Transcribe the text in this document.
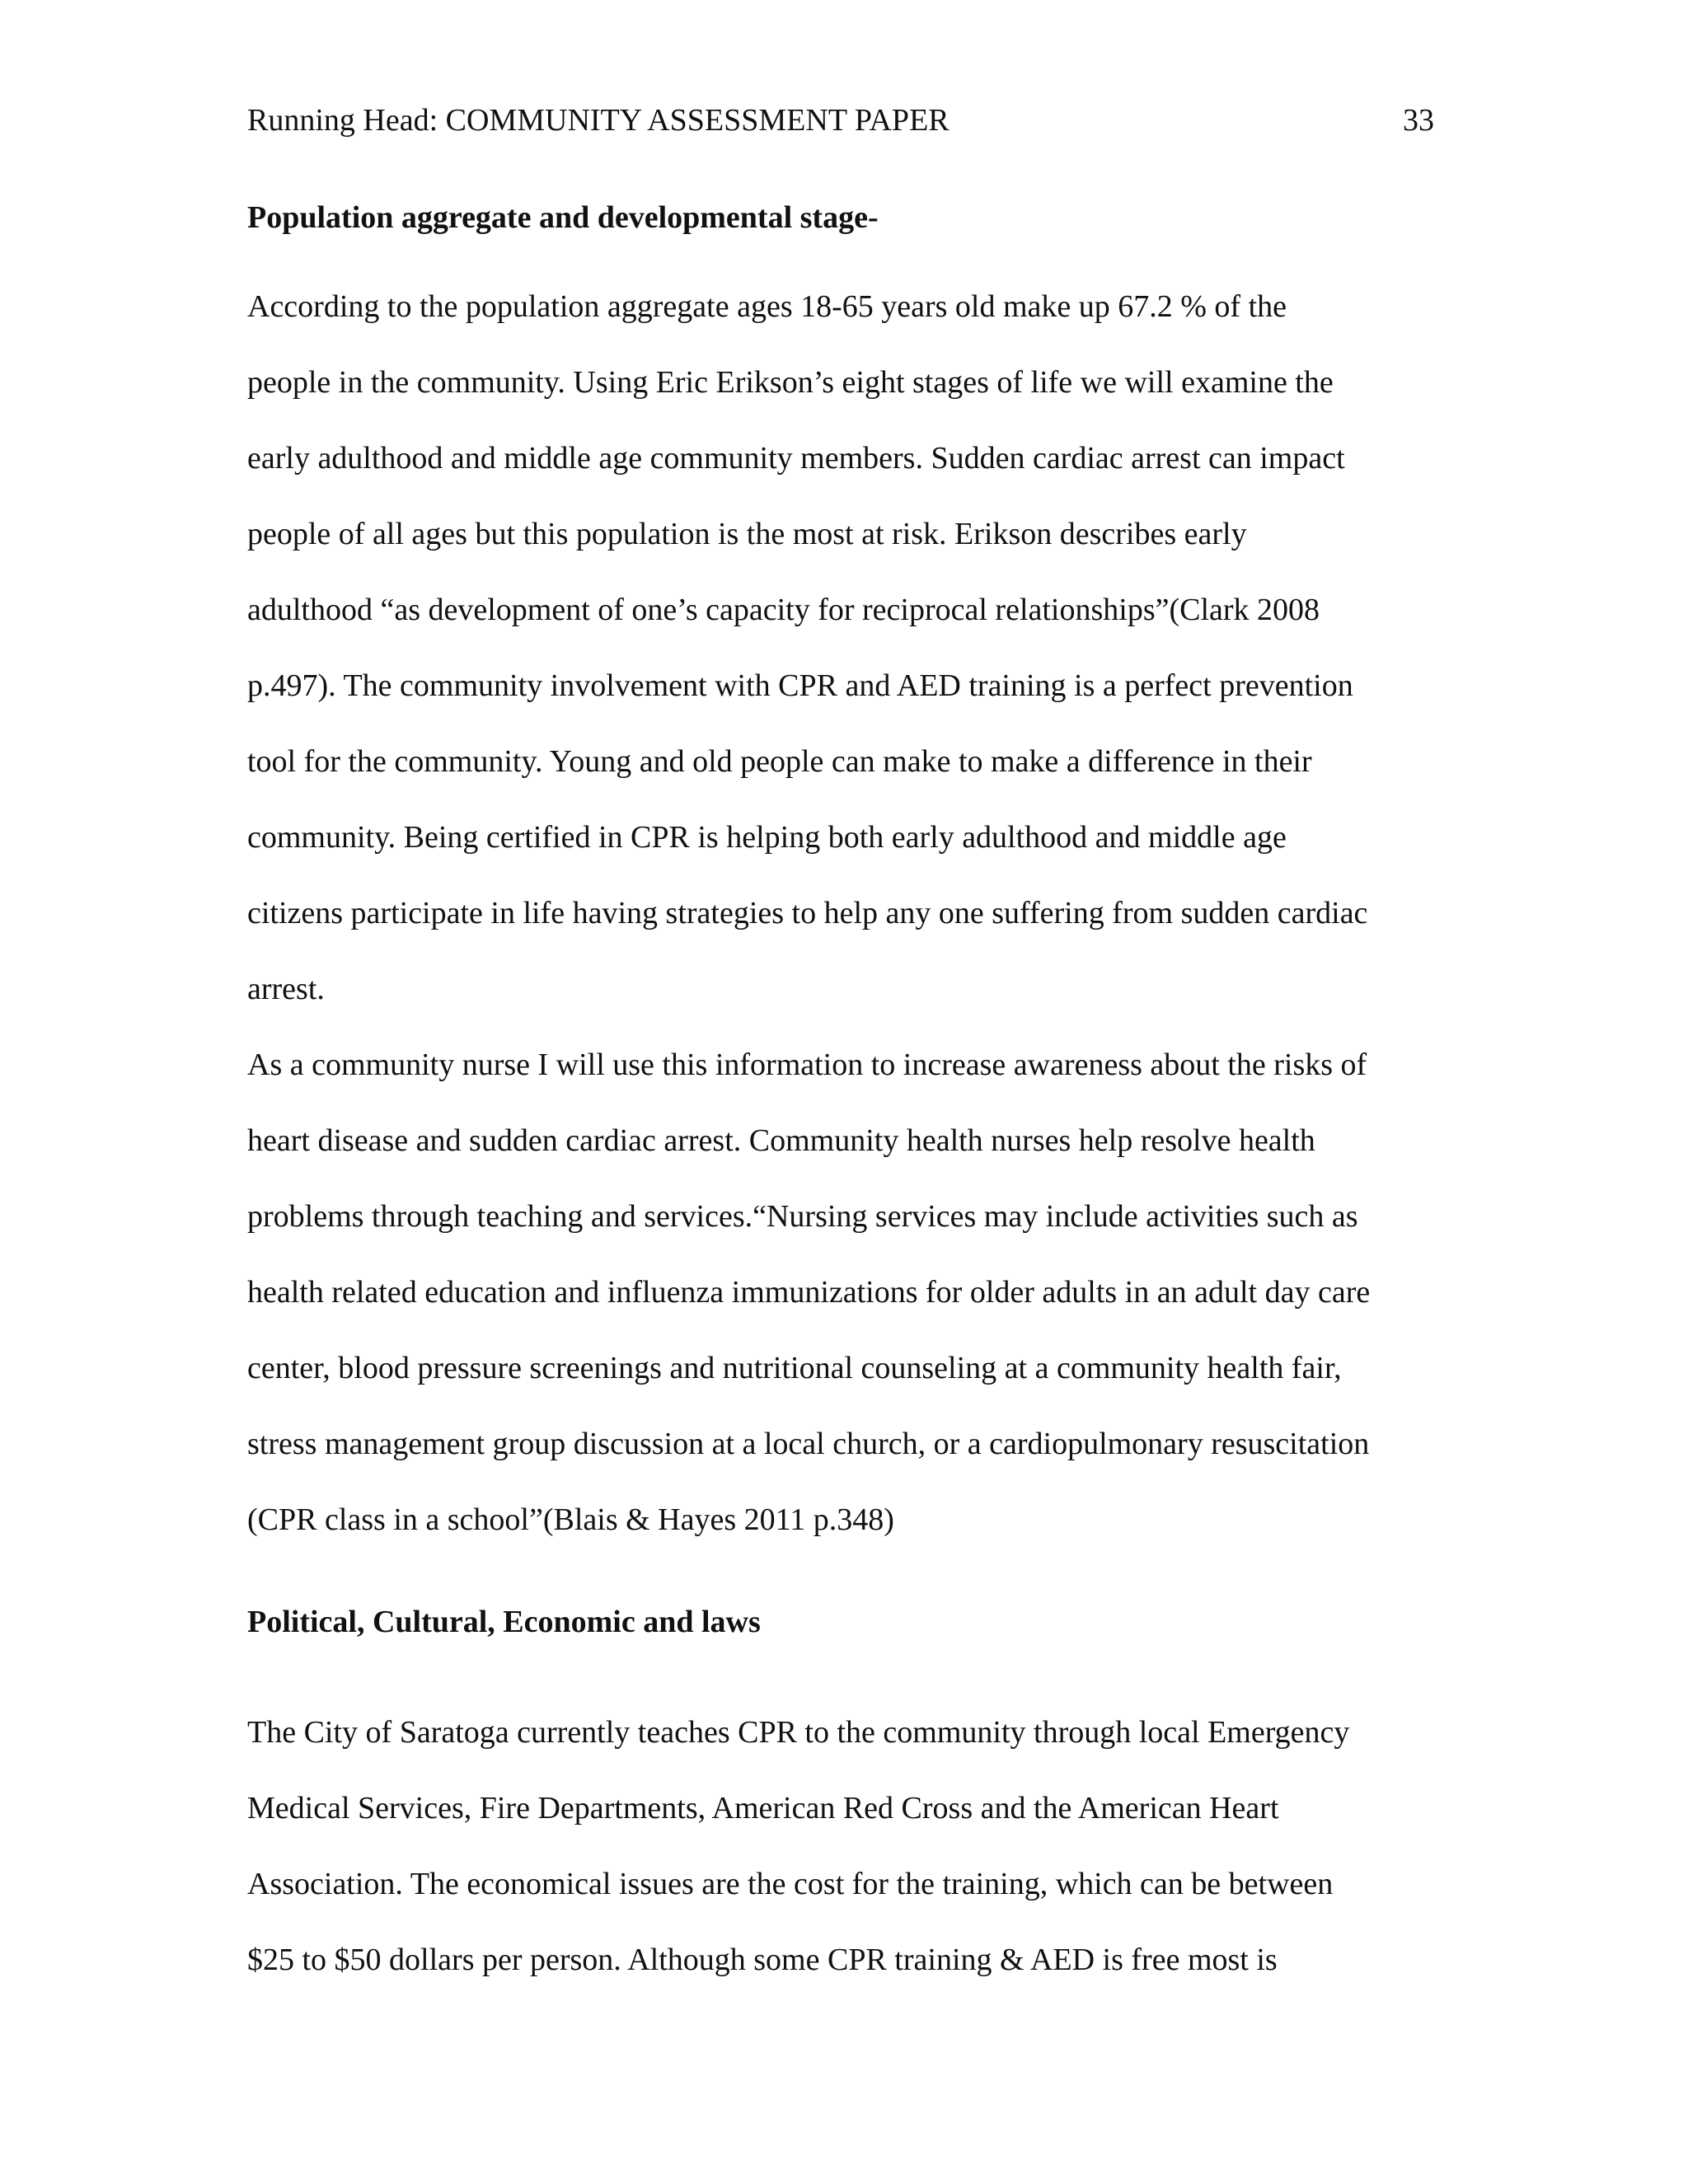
Running Head: COMMUNITY ASSESSMENT PAPER	33
Population aggregate and developmental stage-
According to the population aggregate ages 18-65 years old make up 67.2 % of the
people in the community. Using Eric Erikson’s eight stages of life we will examine the
early adulthood and middle age community members. Sudden cardiac arrest can impact
people of all ages but this population is the most at risk. Erikson describes early
adulthood “as development of one’s capacity for reciprocal relationships”(Clark 2008
p.497). The community involvement with CPR and AED training is a perfect prevention
tool for the community. Young and old people can make to make a difference in their
community. Being certified in CPR is helping both early adulthood and middle age
citizens participate in life having strategies to help any one suffering from sudden cardiac
arrest.
As a community nurse I will use this information to increase awareness about the risks of
heart disease and sudden cardiac arrest. Community health nurses help resolve health
problems through teaching and services.“Nursing services may include activities such as
health related education and influenza immunizations for older adults in an adult day care
center, blood pressure screenings and nutritional counseling at a community health fair,
stress management group discussion at a local church, or a cardiopulmonary resuscitation
(CPR class in a school”(Blais & Hayes 2011 p.348)
Political, Cultural, Economic and laws
The City of Saratoga currently teaches CPR to the community through local Emergency
Medical Services, Fire Departments, American Red Cross and the American Heart
Association. The economical issues are the cost for the training, which can be between
$25 to $50 dollars per person. Although some CPR training & AED is free most is
